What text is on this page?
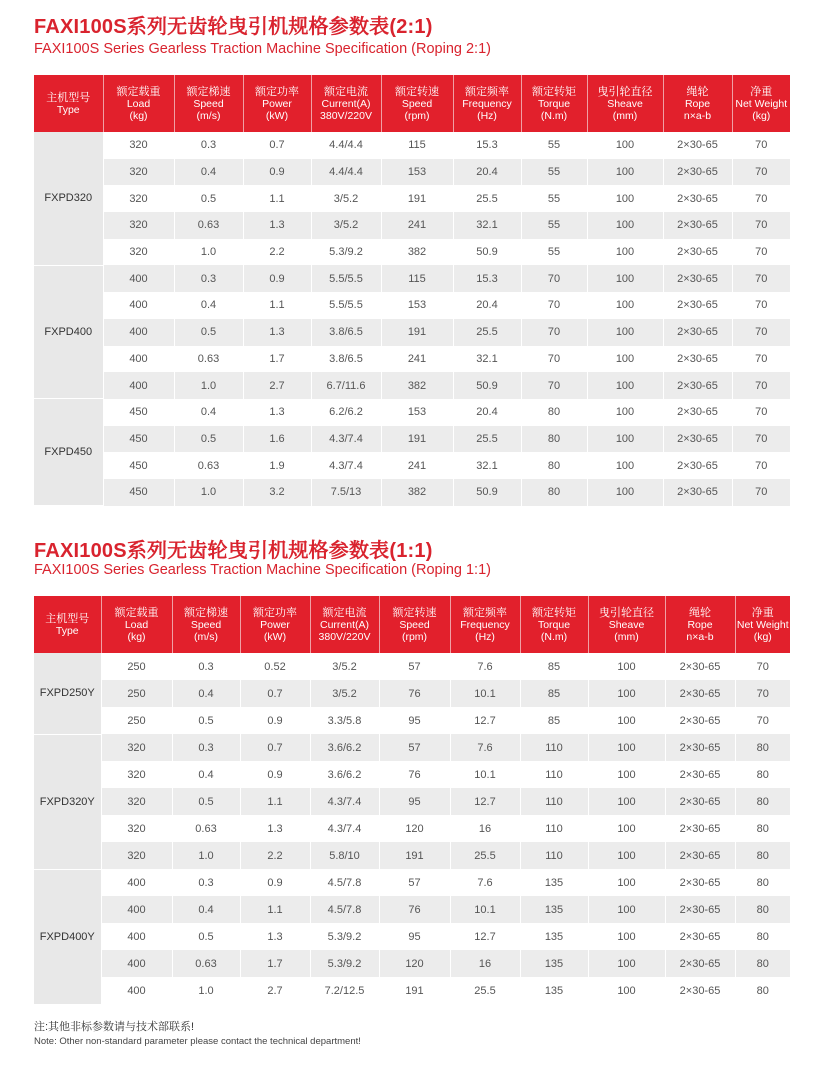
FAXI100S系列无齿轮曳引机规格参数表(2:1)
FAXI100S Series Gearless Traction Machine Specification (Roping 2:1)
主机型号
Type	额定载重
Load
(kg)	额定梯速
Speed
(m/s)	额定功率
Power
(kW)	额定电流
Current(A)
380V/220V	额定转速
Speed
(rpm)	额定频率
Frequency
(Hz)	额定转矩
Torque
(N.m)	曳引轮直径
Sheave
(mm)	绳轮
Rope
n×a-b	净重
Net Weight
(kg)

FXPD320	320	0.3	0.7	4.4/4.4	115	15.3	55	100	2×30-65	70
	320	0.4	0.9	4.4/4.4	153	20.4	55	100	2×30-65	70
	320	0.5	1.1	3/5.2	191	25.5	55	100	2×30-65	70
	320	0.63	1.3	3/5.2	241	32.1	55	100	2×30-65	70
	320	1.0	2.2	5.3/9.2	382	50.9	55	100	2×30-65	70
FXPD400	400	0.3	0.9	5.5/5.5	115	15.3	70	100	2×30-65	70
	400	0.4	1.1	5.5/5.5	153	20.4	70	100	2×30-65	70
	400	0.5	1.3	3.8/6.5	191	25.5	70	100	2×30-65	70
	400	0.63	1.7	3.8/6.5	241	32.1	70	100	2×30-65	70
	400	1.0	2.7	6.7/11.6	382	50.9	70	100	2×30-65	70
FXPD450	450	0.4	1.3	6.2/6.2	153	20.4	80	100	2×30-65	70
	450	0.5	1.6	4.3/7.4	191	25.5	80	100	2×30-65	70
	450	0.63	1.9	4.3/7.4	241	32.1	80	100	2×30-65	70
	450	1.0	3.2	7.5/13	382	50.9	80	100	2×30-65	70
FAXI100S系列无齿轮曳引机规格参数表(1:1)
FAXI100S Series Gearless Traction Machine Specification (Roping 1:1)
主机型号
Type	额定载重
Load
(kg)	额定梯速
Speed
(m/s)	额定功率
Power
(kW)	额定电流
Current(A)
380V/220V	额定转速
Speed
(rpm)	额定频率
Frequency
(Hz)	额定转矩
Torque
(N.m)	曳引轮直径
Sheave
(mm)	绳轮
Rope
n×a-b	净重
Net Weight
(kg)

FXPD250Y	250	0.3	0.52	3/5.2	57	7.6	85	100	2×30-65	70
	250	0.4	0.7	3/5.2	76	10.1	85	100	2×30-65	70
	250	0.5	0.9	3.3/5.8	95	12.7	85	100	2×30-65	70
FXPD320Y	320	0.3	0.7	3.6/6.2	57	7.6	110	100	2×30-65	80
	320	0.4	0.9	3.6/6.2	76	10.1	110	100	2×30-65	80
	320	0.5	1.1	4.3/7.4	95	12.7	110	100	2×30-65	80
	320	0.63	1.3	4.3/7.4	120	16	110	100	2×30-65	80
	320	1.0	2.2	5.8/10	191	25.5	110	100	2×30-65	80
FXPD400Y	400	0.3	0.9	4.5/7.8	57	7.6	135	100	2×30-65	80
	400	0.4	1.1	4.5/7.8	76	10.1	135	100	2×30-65	80
	400	0.5	1.3	5.3/9.2	95	12.7	135	100	2×30-65	80
	400	0.63	1.7	5.3/9.2	120	16	135	100	2×30-65	80
	400	1.0	2.7	7.2/12.5	191	25.5	135	100	2×30-65	80
注:其他非标参数请与技术部联系!
Note: Other non-standard parameter please contact the technical department!
